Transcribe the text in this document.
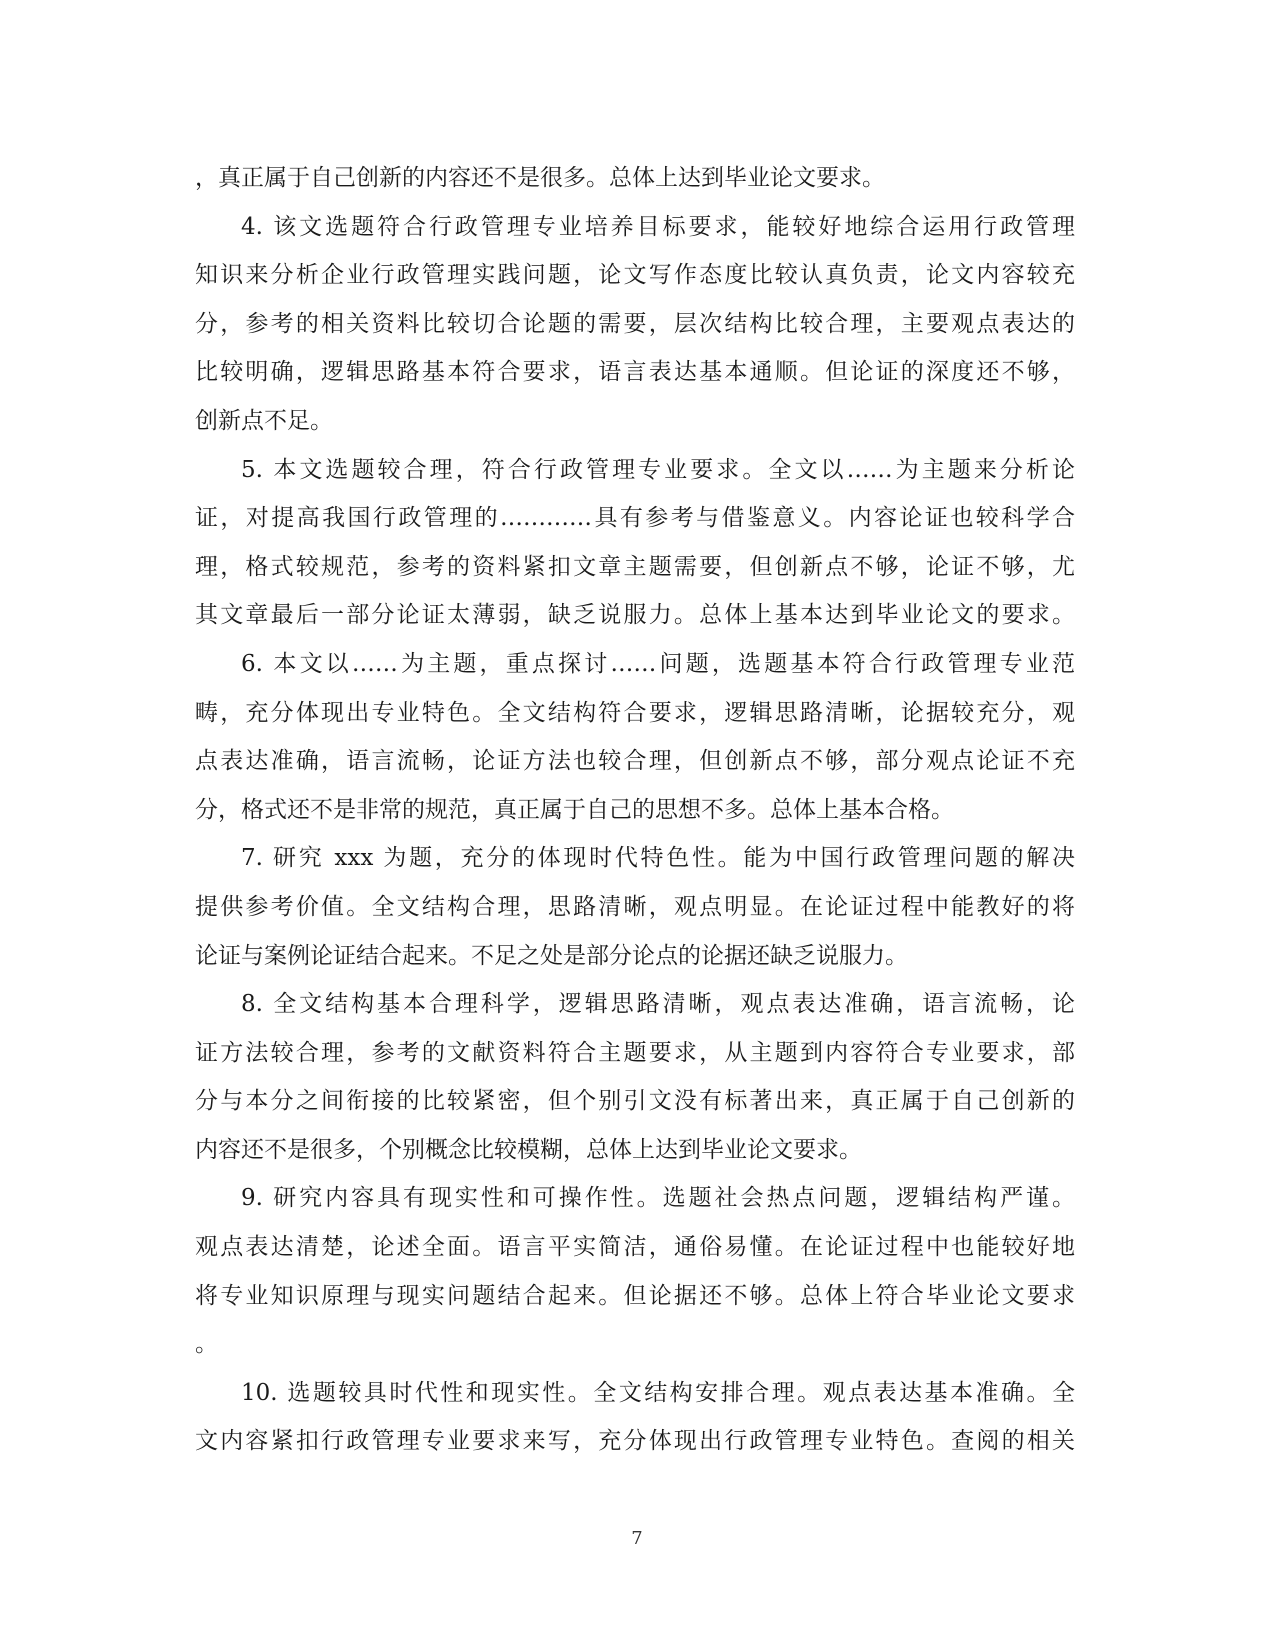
，真正属于自己创新的内容还不是很多。总体上达到毕业论文要求。
4. 该文选题符合行政管理专业培养目标要求，能较好地综合运用行政管理
知识来分析企业行政管理实践问题，论文写作态度比较认真负责，论文内容较充
分，参考的相关资料比较切合论题的需要，层次结构比较合理，主要观点表达的
比较明确，逻辑思路基本符合要求，语言表达基本通顺。但论证的深度还不够，
创新点不足。
5. 本文选题较合理，符合行政管理专业要求。全文以……为主题来分析论
证，对提高我国行政管理的…………具有参考与借鉴意义。内容论证也较科学合
理，格式较规范，参考的资料紧扣文章主题需要，但创新点不够，论证不够，尤
其文章最后一部分论证太薄弱，缺乏说服力。总体上基本达到毕业论文的要求。
6. 本文以……为主题，重点探讨……问题，选题基本符合行政管理专业范
畴，充分体现出专业特色。全文结构符合要求，逻辑思路清晰，论据较充分，观
点表达准确，语言流畅，论证方法也较合理，但创新点不够，部分观点论证不充
分，格式还不是非常的规范，真正属于自己的思想不多。总体上基本合格。
7. 研究 xxx 为题，充分的体现时代特色性。能为中国行政管理问题的解决
提供参考价值。全文结构合理，思路清晰，观点明显。在论证过程中能教好的将
论证与案例论证结合起来。不足之处是部分论点的论据还缺乏说服力。
8. 全文结构基本合理科学，逻辑思路清晰，观点表达准确，语言流畅，论
证方法较合理，参考的文献资料符合主题要求，从主题到内容符合专业要求，部
分与本分之间衔接的比较紧密，但个别引文没有标著出来，真正属于自己创新的
内容还不是很多，个别概念比较模糊，总体上达到毕业论文要求。
9. 研究内容具有现实性和可操作性。选题社会热点问题，逻辑结构严谨。
观点表达清楚，论述全面。语言平实简洁，通俗易懂。在论证过程中也能较好地
将专业知识原理与现实问题结合起来。但论据还不够。总体上符合毕业论文要求
。
10. 选题较具时代性和现实性。全文结构安排合理。观点表达基本准确。全
文内容紧扣行政管理专业要求来写，充分体现出行政管理专业特色。查阅的相关
7
